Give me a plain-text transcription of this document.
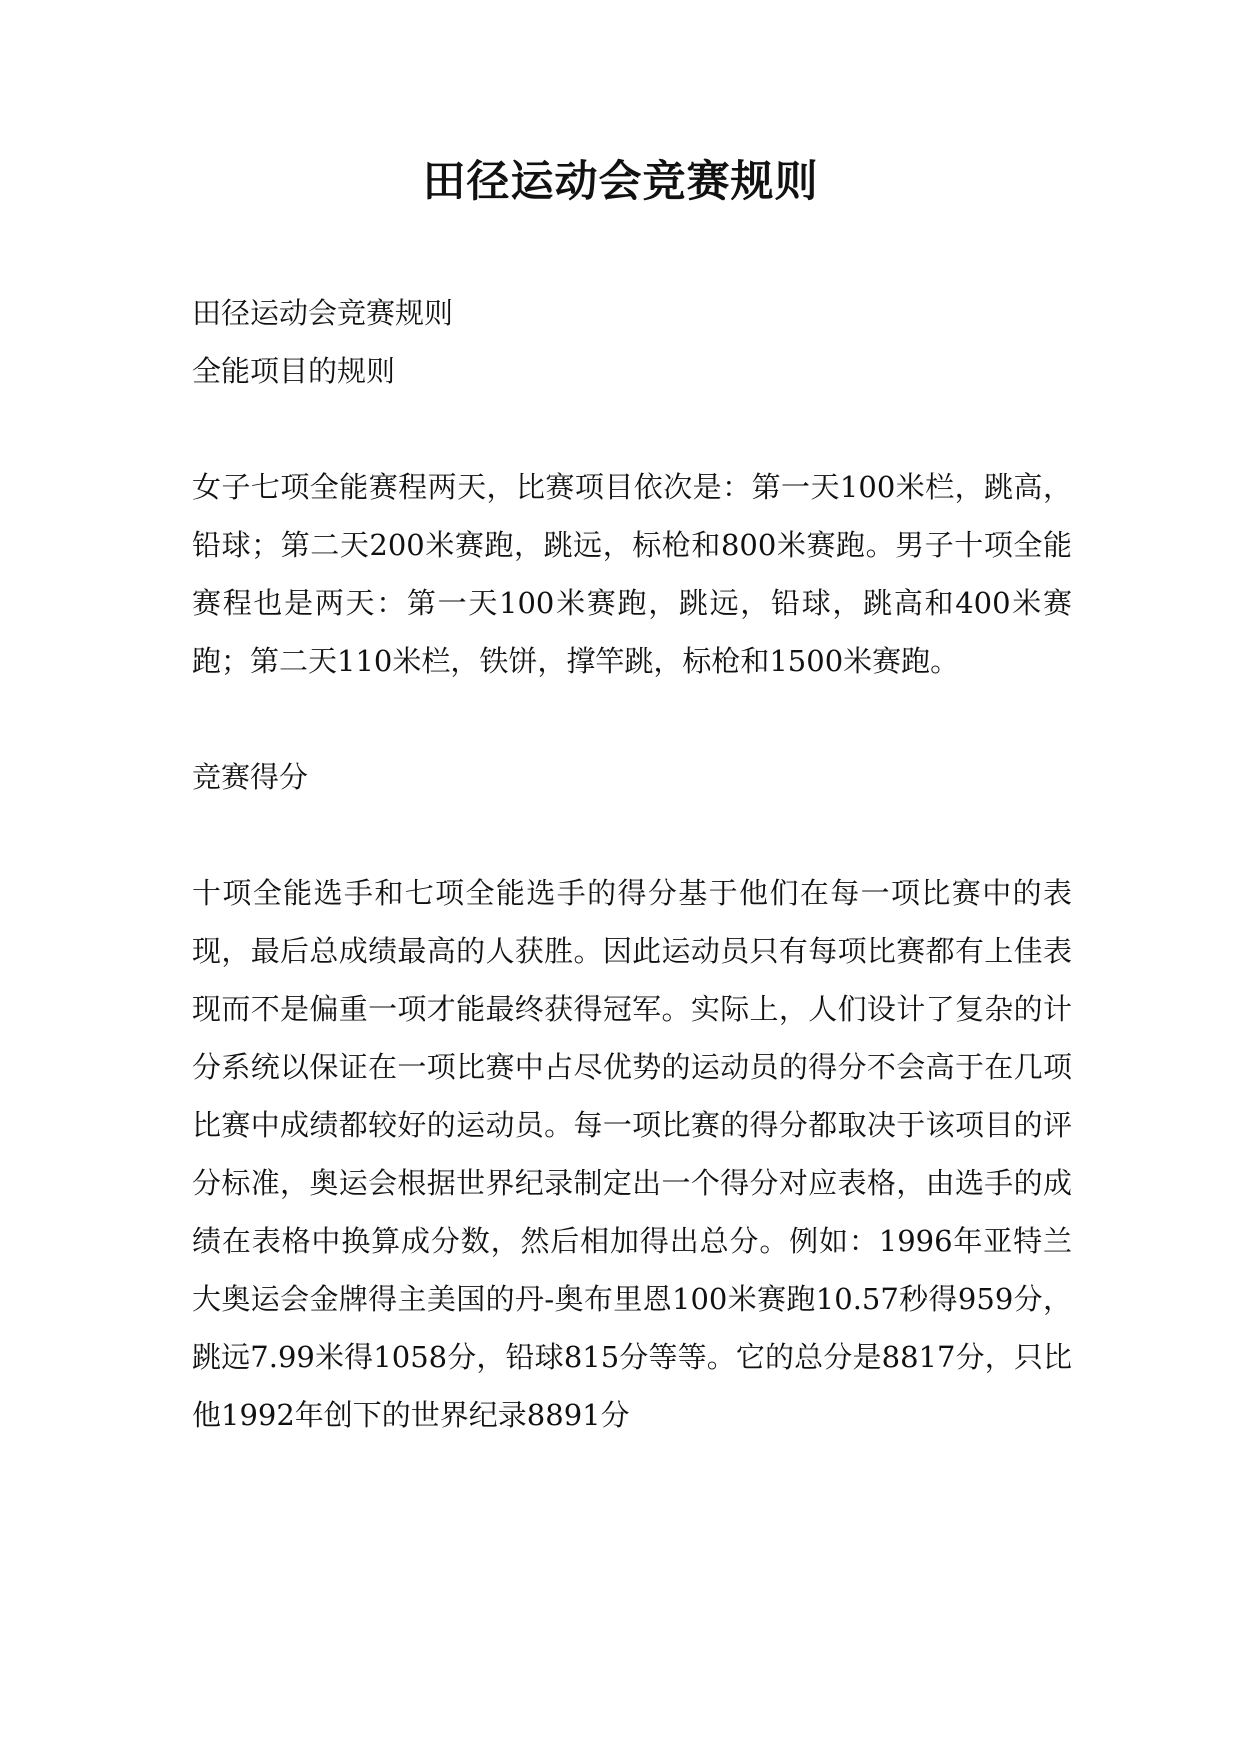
田径运动会竞赛规则

田径运动会竞赛规则

全能项目的规则

女子七项全能赛程两天，比赛项目依次是：第一天100米栏，跳高，铅球；第二天200米赛跑，跳远，标枪和800米赛跑。男子十项全能赛程也是两天：第一天100米赛跑，跳远，铅球，跳高和400米赛跑；第二天110米栏，铁饼，撑竿跳，标枪和1500米赛跑。

竞赛得分

十项全能选手和七项全能选手的得分基于他们在每一项比赛中的表现，最后总成绩最高的人获胜。因此运动员只有每项比赛都有上佳表现而不是偏重一项才能最终获得冠军。实际上，人们设计了复杂的计分系统以保证在一项比赛中占尽优势的运动员的得分不会高于在几项比赛中成绩都较好的运动员。每一项比赛的得分都取决于该项目的评分标准，奥运会根据世界纪录制定出一个得分对应表格，由选手的成绩在表格中换算成分数，然后相加得出总分。例如：1996年亚特兰大奥运会金牌得主美国的丹-奥布里恩100米赛跑10.57秒得959分，跳远7.99米得1058分，铅球815分等等。它的总分是8817分，只比他1992年创下的世界纪录8891分
